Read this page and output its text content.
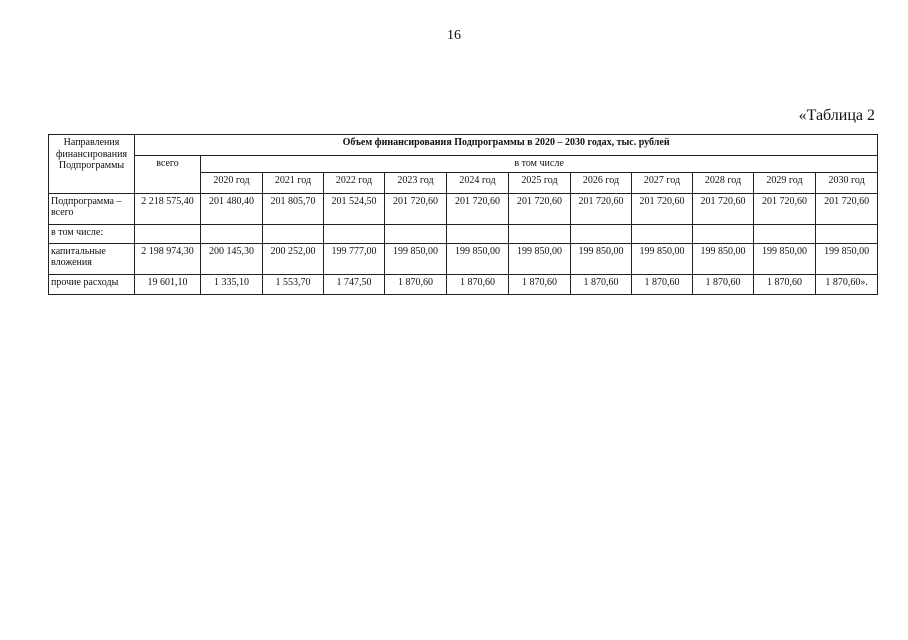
16
«Таблица 2
Направления финансирования Подпрограммы	Объем финансирования Подпрограммы в 2020 – 2030 годах, тыс. рублей											
	всего	в том числе										
		2020 год	2021 год	2022 год	2023 год	2024 год	2025 год	2026 год	2027 год	2028 год	2029 год	2030 год
Подпрограмма – всего	2 218 575,40	201 480,40	201 805,70	201 524,50	201 720,60	201 720,60	201 720,60	201 720,60	201 720,60	201 720,60	201 720,60	201 720,60
в том числе:												
капитальные вложения	2 198 974,30	200 145,30	200 252,00	199 777,00	199 850,00	199 850,00	199 850,00	199 850,00	199 850,00	199 850,00	199 850,00	199 850,00
прочие расходы	19 601,10	1 335,10	1 553,70	1 747,50	1 870,60	1 870,60	1 870,60	1 870,60	1 870,60	1 870,60	1 870,60	1 870,60».
